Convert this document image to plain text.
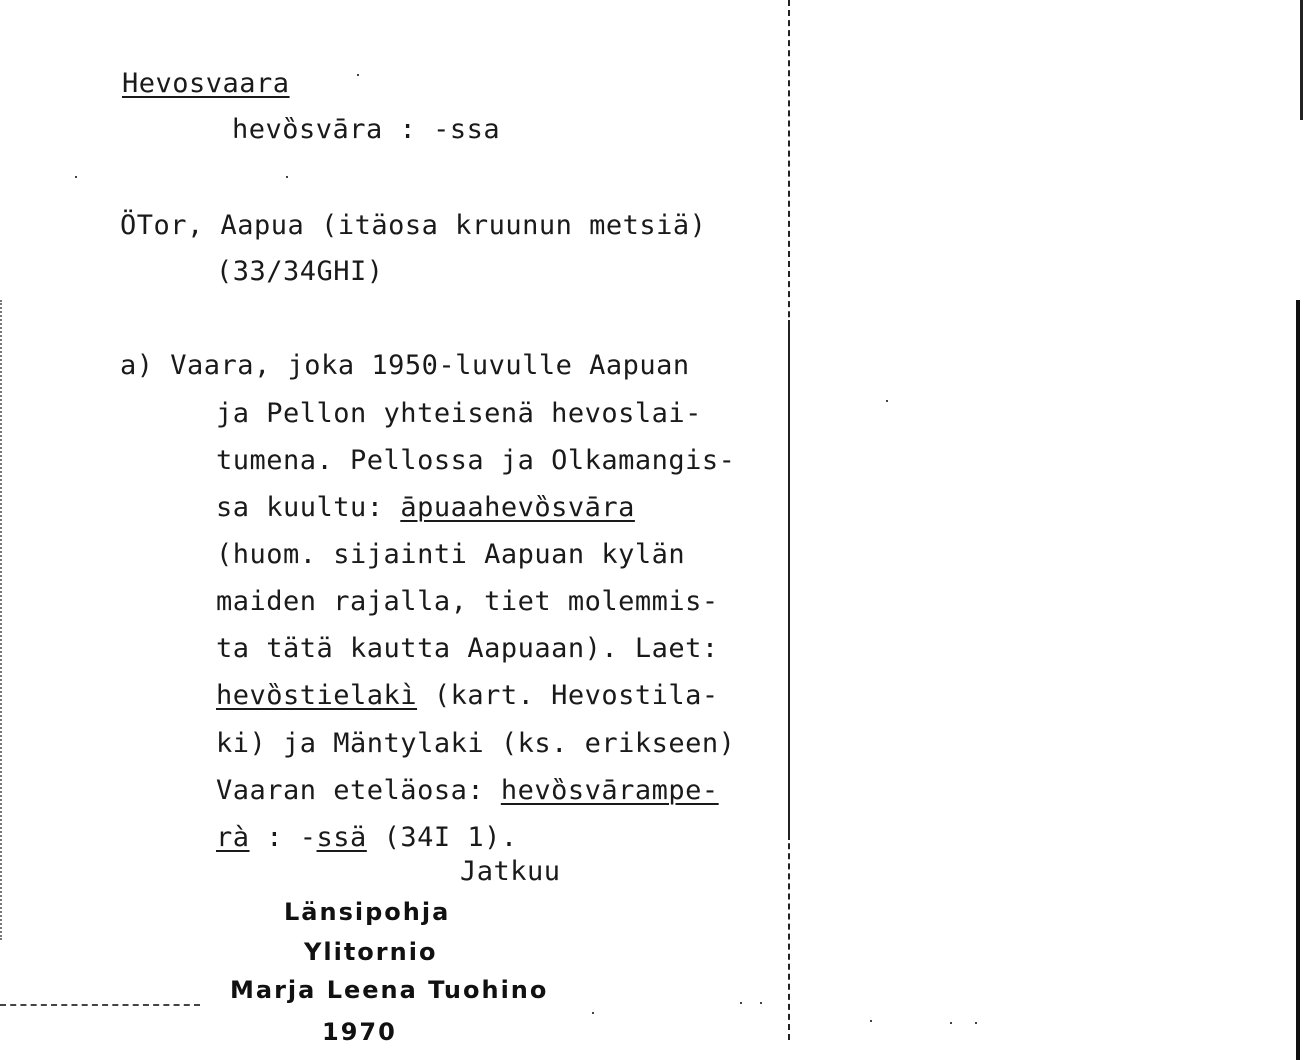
Hevosvaara
hevȍsvāra : -ssa
ÖTor, Aapua (itäosa kruunun metsiä)
(33/34GHI)
a) Vaara, joka 1950-luvulle Aapuan
ja Pellon yhteisenä hevoslai-
tumena. Pellossa ja Olkamangis-
sa kuultu: āpuaahevȍsvāra
(huom. sijainti Aapuan kylän
maiden rajalla, tiet molemmis-
ta tätä kautta Aapuaan). Laet:
hevȍstielakì (kart. Hevostila-
ki) ja Mäntylaki (ks. erikseen)
Vaaran eteläosa: hevȍsvārampe-
rà : -ssä (34I 1).
Jatkuu
Länsipohja
Ylitornio
Marja Leena Tuohino
1970
